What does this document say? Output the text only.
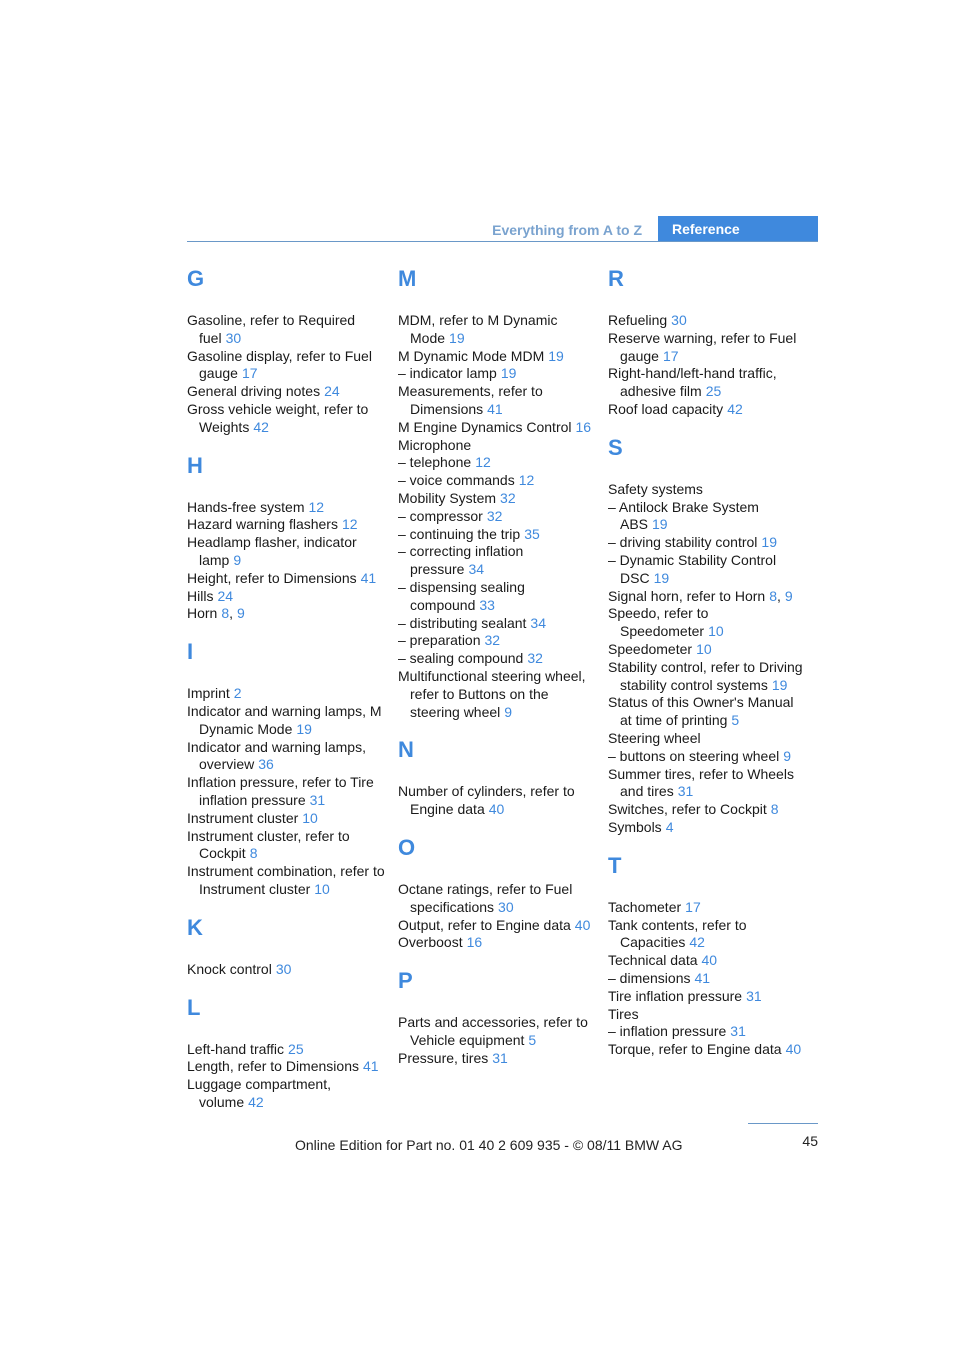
Everything from A to Z	Reference
G
Gasoline, refer to Required fuel 30
Gasoline display, refer to Fuel gauge 17
General driving notes 24
Gross vehicle weight, refer to Weights 42
H
Hands-free system 12
Hazard warning flashers 12
Headlamp flasher, indicator lamp 9
Height, refer to Dimensions 41
Hills 24
Horn 8, 9
I
Imprint 2
Indicator and warning lamps, M Dynamic Mode 19
Indicator and warning lamps, overview 36
Inflation pressure, refer to Tire inflation pressure 31
Instrument cluster 10
Instrument cluster, refer to Cockpit 8
Instrument combination, refer to Instrument cluster 10
K
Knock control 30
L
Left-hand traffic 25
Length, refer to Dimensions 41
Luggage compartment, volume 42
M
MDM, refer to M Dynamic Mode 19
M Dynamic Mode MDM 19
– indicator lamp 19
Measurements, refer to Dimensions 41
M Engine Dynamics Control 16
Microphone
– telephone 12
– voice commands 12
Mobility System 32
– compressor 32
– continuing the trip 35
– correcting inflation pressure 34
– dispensing sealing compound 33
– distributing sealant 34
– preparation 32
– sealing compound 32
Multifunctional steering wheel, refer to Buttons on the steering wheel 9
N
Number of cylinders, refer to Engine data 40
O
Octane ratings, refer to Fuel specifications 30
Output, refer to Engine data 40
Overboost 16
P
Parts and accessories, refer to Vehicle equipment 5
Pressure, tires 31
R
Refueling 30
Reserve warning, refer to Fuel gauge 17
Right-hand/left-hand traffic, adhesive film 25
Roof load capacity 42
S
Safety systems
– Antilock Brake System ABS 19
– driving stability control 19
– Dynamic Stability Control DSC 19
Signal horn, refer to Horn 8, 9
Speedo, refer to Speedometer 10
Speedometer 10
Stability control, refer to Driving stability control systems 19
Status of this Owner's Manual at time of printing 5
Steering wheel
– buttons on steering wheel 9
Summer tires, refer to Wheels and tires 31
Switches, refer to Cockpit 8
Symbols 4
T
Tachometer 17
Tank contents, refer to Capacities 42
Technical data 40
– dimensions 41
Tire inflation pressure 31
Tires
– inflation pressure 31
Torque, refer to Engine data 40
45
Online Edition for Part no. 01 40 2 609 935 - © 08/11 BMW AG
